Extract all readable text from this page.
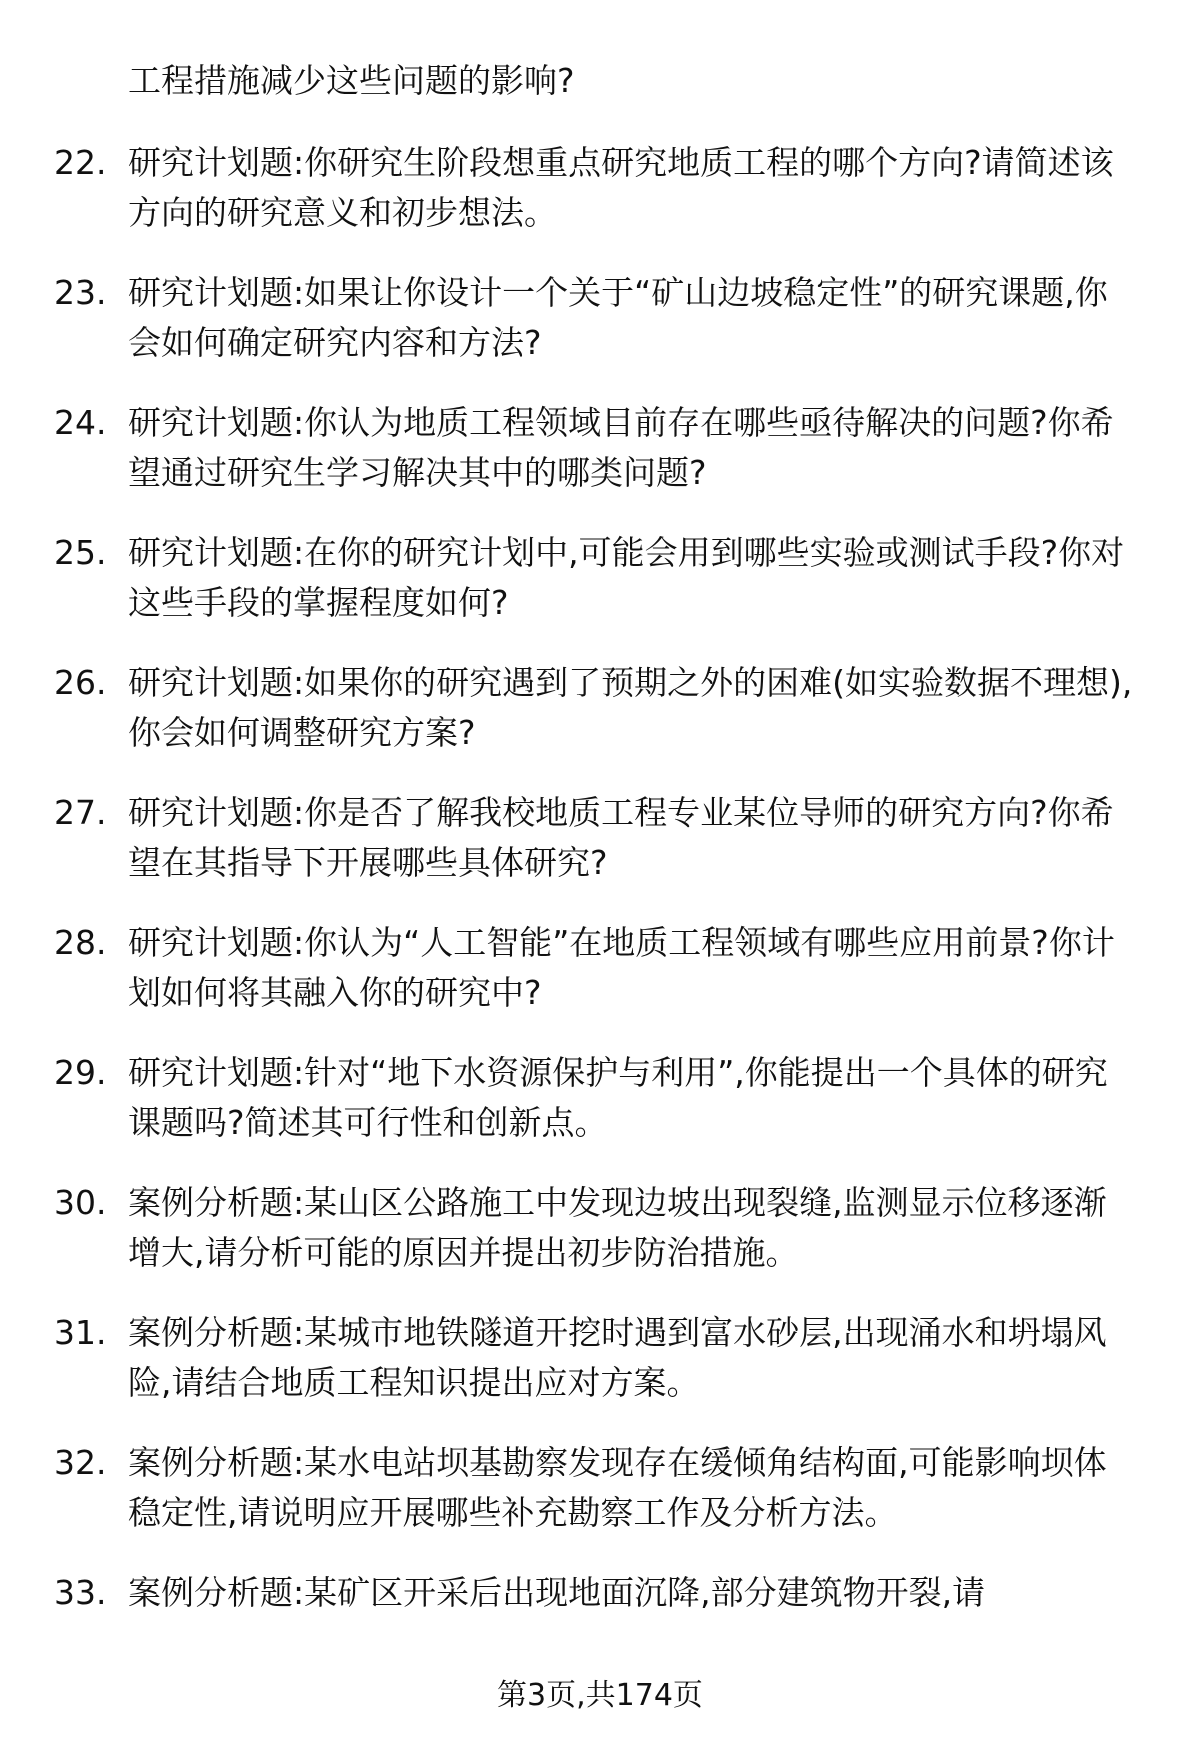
工程措施减少这些问题的影响?
22. 研究计划题:你研究生阶段想重点研究地质工程的哪个方向?请简述该方向的研究意义和初步想法。
23. 研究计划题:如果让你设计一个关于“矿山边坡稳定性”的研究课题,你会如何确定研究内容和方法?
24. 研究计划题:你认为地质工程领域目前存在哪些亟待解决的问题?你希望通过研究生学习解决其中的哪类问题?
25. 研究计划题:在你的研究计划中,可能会用到哪些实验或测试手段?你对这些手段的掌握程度如何?
26. 研究计划题:如果你的研究遇到了预期之外的困难(如实验数据不理想),你会如何调整研究方案?
27. 研究计划题:你是否了解我校地质工程专业某位导师的研究方向?你希望在其指导下开展哪些具体研究?
28. 研究计划题:你认为“人工智能”在地质工程领域有哪些应用前景?你计划如何将其融入你的研究中?
29. 研究计划题:针对“地下水资源保护与利用”,你能提出一个具体的研究课题吗?简述其可行性和创新点。
30. 案例分析题:某山区公路施工中发现边坡出现裂缝,监测显示位移逐渐增大,请分析可能的原因并提出初步防治措施。
31. 案例分析题:某城市地铁隧道开挖时遇到富水砂层,出现涌水和坍塌风险,请结合地质工程知识提出应对方案。
32. 案例分析题:某水电站坝基勘察发现存在缓倾角结构面,可能影响坝体稳定性,请说明应开展哪些补充勘察工作及分析方法。
33. 案例分析题:某矿区开采后出现地面沉降,部分建筑物开裂,请
第3页,共174页
